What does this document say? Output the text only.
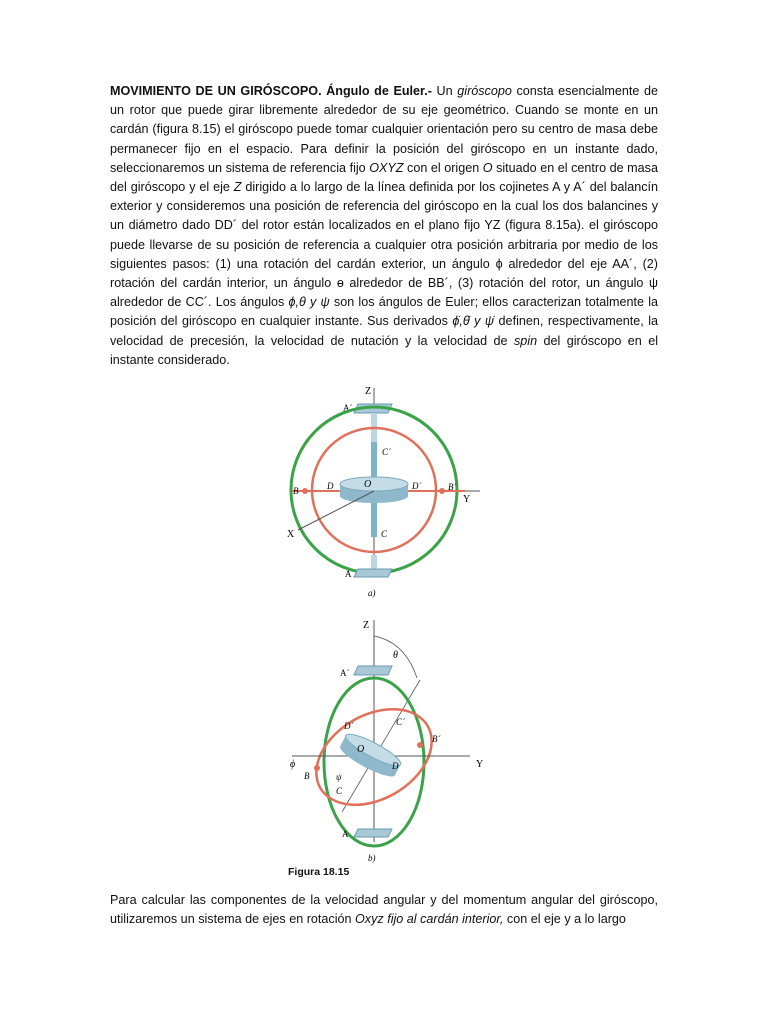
MOVIMIENTO DE UN GIRÓSCOPO. Ángulo de Euler.- Un giróscopo consta esencialmente de un rotor que puede girar libremente alrededor de su eje geométrico. Cuando se monte en un cardán (figura 8.15) el giróscopo puede tomar cualquier orientación pero su centro de masa debe permanecer fijo en el espacio. Para definir la posición del giróscopo en un instante dado, seleccionaremos un sistema de referencia fijo OXYZ con el origen O situado en el centro de masa del giróscopo y el eje Z dirigido a lo largo de la línea definida por los cojinetes A y A´ del balancín exterior y consideremos una posición de referencia del giróscopo en la cual los dos balancines y un diámetro dado DD´ del rotor están localizados en el plano fijo YZ (figura 8.15a). el giróscopo puede llevarse de su posición de referencia a cualquier otra posición arbitraria por medio de los siguientes pasos: (1) una rotación del cardán exterior, un ángulo ϕ alrededor del eje AA´, (2) rotación del cardán interior, un ángulo ɵ alrededor de BB´, (3) rotación del rotor, un ángulo ψ alrededor de CC´. Los ángulos ϕ,θ y ψ son los ángulos de Euler; ellos caracterizan totalmente la posición del giróscopo en cualquier instante. Sus derivados ϕ̇,θ̇ y ψ̇ definen, respectivamente, la velocidad de precesión, la velocidad de nutación y la velocidad de spin del giróscopo en el instante considerado.

Z
A´
C´
O
B	D	D´	B´
Y
X	C
A
a)
Z
θ
A´
Y
O
D´	C´
B´
ϕ
B
D
ψ
C
A
b)
Figura 18.15

Para calcular las componentes de la velocidad angular y del momentum angular del giróscopo, utilizaremos un sistema de ejes en rotación Oxyz fijo al cardán interior, con el eje y a lo largo
